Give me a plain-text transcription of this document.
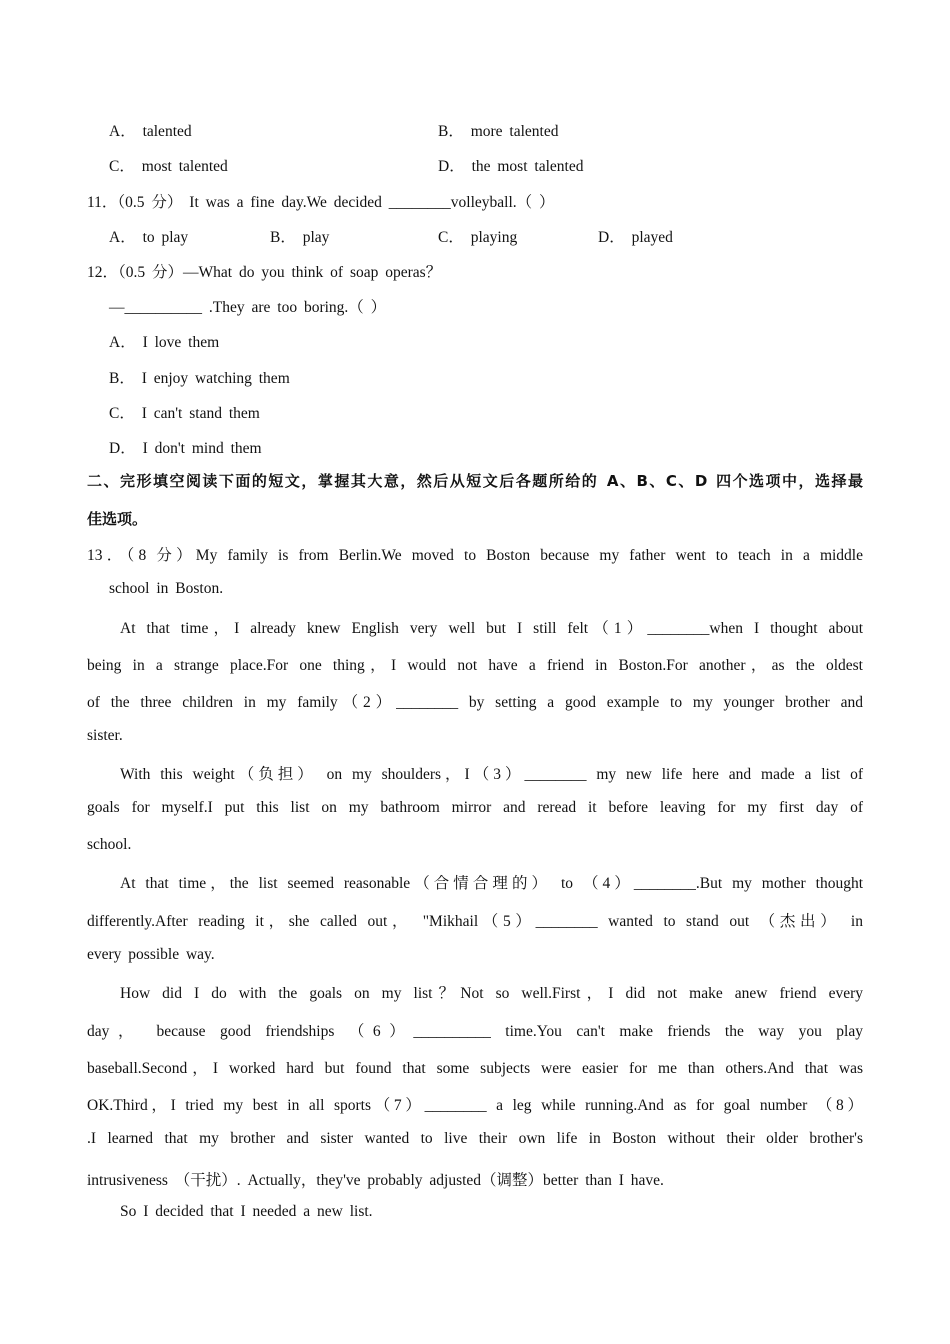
A． talented	B． more talented
C． most talented	D． the most talented
11．（0.5 分） It was a fine day.We decided ________volleyball.（ ）
A． to play	B． play	C． playing	D． played
12．（0.5 分）—What do you think of soap operas？
—__________ .They are too boring.（ ）
A． I love them
B． I enjoy watching them
C． I can't stand them
D． I don't mind them
二、完形填空阅读下面的短文，掌握其大意，然后从短文后各题所给的 A、B、C、D 四个选项中，选择最
佳选项。
13．（8 分）My family is from Berlin.We moved to Boston because my father went to teach in a middle
school in Boston.
At that time，I already knew English very well but I still felt（1）________when I thought about
being in a strange place.For one thing，I would not have a friend in Boston.For another，as the oldest
of the three children in my family（2）________ by setting a good example to my younger brother and
sister.
With this weight（负担） on my shoulders，I（3）________ my new life here and made a list of
goals for myself.I put this list on my bathroom mirror and reread it before leaving for my first day of
school.
At that time，the list seemed reasonable（合情合理的） to （4）________.But my mother thought
differently.After reading it，she called out， "Mikhail（5）________ wanted to stand out （杰出） in
every possible way.
How did I do with the goals on my list？Not so well.First，I did not make anew friend every
day， because good friendships （6）__________ time.You can't make friends the way you play
baseball.Second，I worked hard but found that some subjects were easier for me than others.And that was
OK.Third，I tried my best in all sports（7）________ a leg while running.And as for goal number （8）
.I learned that my brother and sister wanted to live their own life in Boston without their older brother's
intrusiveness （干扰）. Actually，they've probably adjusted（调整）better than I have.
So I decided that I needed a new list.
